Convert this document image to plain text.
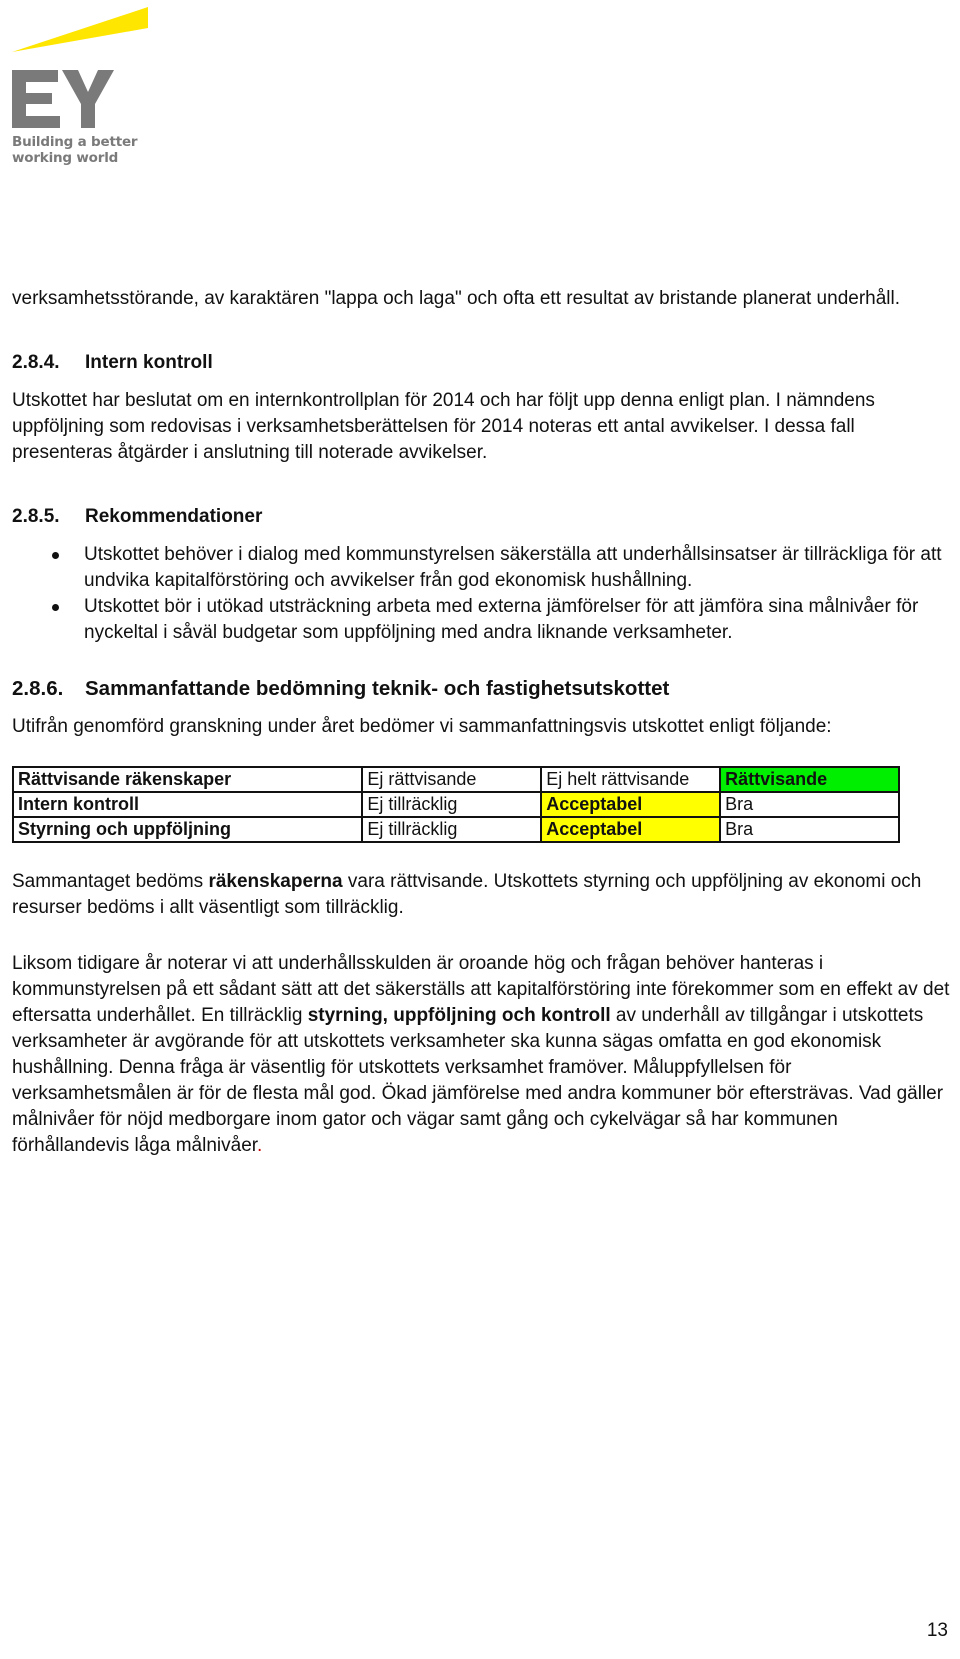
Building a better
working world

verksamhetsstörande, av karaktären "lappa och laga" och ofta ett resultat av bristande planerat underhåll.

2.8.4. Intern kontroll

Utskottet har beslutat om en internkontrollplan för 2014 och har följt upp denna enligt plan. I nämndens uppföljning som redovisas i verksamhetsberättelsen för 2014 noteras ett antal avvikelser. I dessa fall presenteras åtgärder i anslutning till noterade avvikelser.

2.8.5. Rekommendationer

Utskottet behöver i dialog med kommunstyrelsen säkerställa att underhållsinsatser är tillräckliga för att undvika kapitalförstöring och avvikelser från god ekonomisk hushållning.
Utskottet bör i utökad utsträckning arbeta med externa jämförelser för att jämföra sina målnivåer för nyckeltal i såväl budgetar som uppföljning med andra liknande verksamheter.

2.8.6. Sammanfattande bedömning teknik- och fastighetsutskottet

Utifrån genomförd granskning under året bedömer vi sammanfattningsvis utskottet enligt följande:

Rättvisande räkenskaper	Ej rättvisande	Ej helt rättvisande	Rättvisande
Intern kontroll	Ej tillräcklig	Acceptabel	Bra
Styrning och uppföljning	Ej tillräcklig	Acceptabel	Bra

Sammantaget bedöms räkenskaperna vara rättvisande. Utskottets styrning och uppföljning av ekonomi och resurser bedöms i allt väsentligt som tillräcklig.

Liksom tidigare år noterar vi att underhållsskulden är oroande hög och frågan behöver hanteras i kommunstyrelsen på ett sådant sätt att det säkerställs att kapitalförstöring inte förekommer som en effekt av det eftersatta underhållet. En tillräcklig styrning, uppföljning och kontroll av underhåll av tillgångar i utskottets verksamheter är avgörande för att utskottets verksamheter ska kunna sägas omfatta en god ekonomisk hushållning. Denna fråga är väsentlig för utskottets verksamhet framöver. Måluppfyllelsen för verksamhetsmålen är för de flesta mål god. Ökad jämförelse med andra kommuner bör eftersträvas. Vad gäller målnivåer för nöjd medborgare inom gator och vägar samt gång och cykelvägar så har kommunen förhållandevis låga målnivåer.

13
